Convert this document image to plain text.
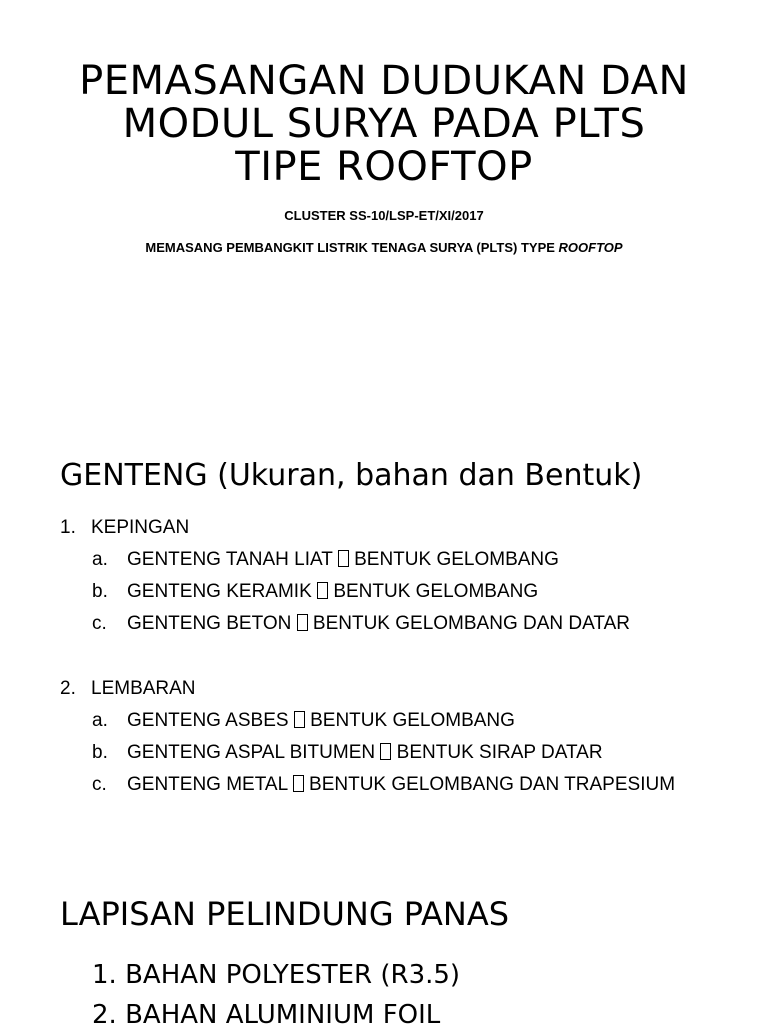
PEMASANGAN DUDUKAN DAN
MODUL SURYA PADA PLTS
TIPE ROOFTOP
CLUSTER SS-10/LSP-ET/XI/2017
MEMASANG PEMBANGKIT LISTRIK TENAGA SURYA (PLTS) TYPE ROOFTOP
GENTENG (Ukuran, bahan dan Bentuk)
1. KEPINGAN
a. GENTENG TANAH LIAT BENTUK GELOMBANG
b. GENTENG KERAMIK BENTUK GELOMBANG
c. GENTENG BETON BENTUK GELOMBANG DAN DATAR
2. LEMBARAN
a. GENTENG ASBES BENTUK GELOMBANG
b. GENTENG ASPAL BITUMEN BENTUK SIRAP DATAR
c. GENTENG METAL BENTUK GELOMBANG DAN TRAPESIUM
LAPISAN PELINDUNG PANAS
1. BAHAN POLYESTER (R3.5)
2. BAHAN ALUMINIUM FOIL
